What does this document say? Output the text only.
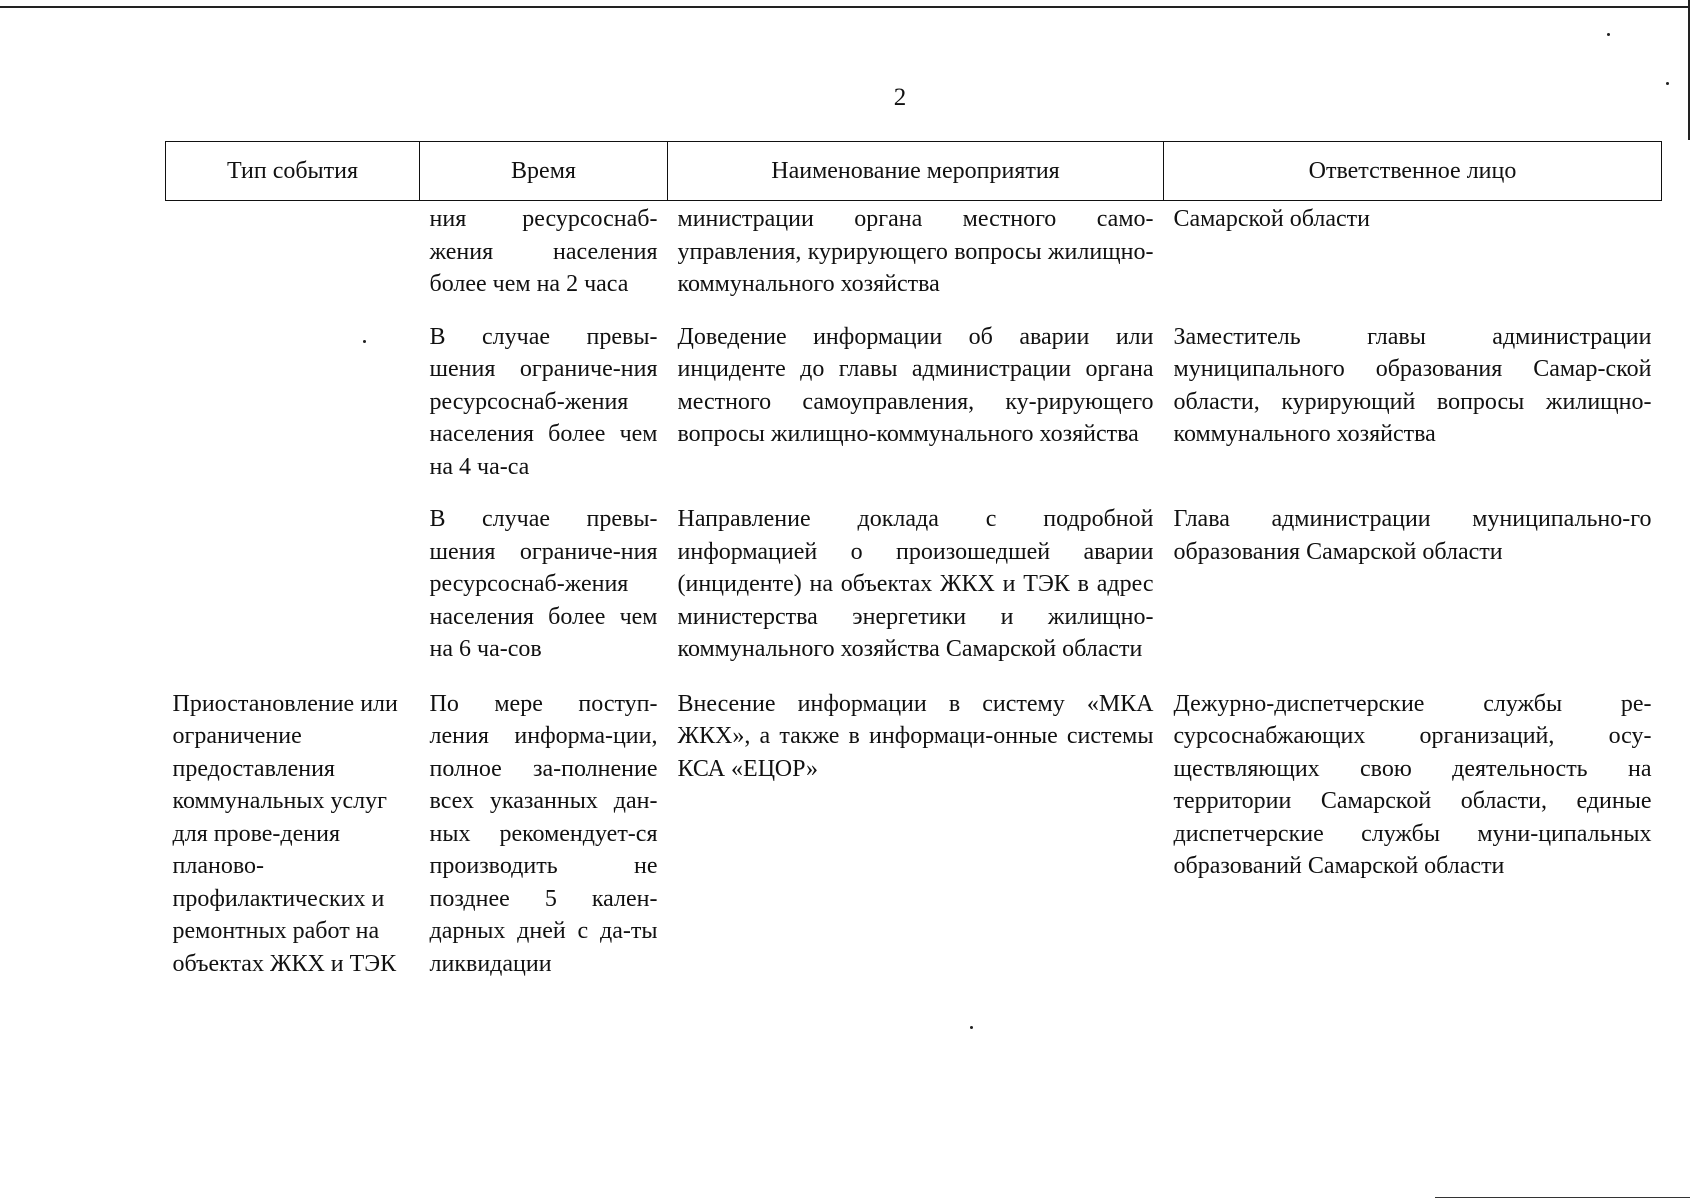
2
Тип события	Время	Наименование мероприятия	Ответственное лицо
	ния ресурсоснаб-жения населения более чем на 2 часа	министрации органа местного само-управления, курирующего вопросы жилищно-коммунального хозяйства	Самарской области
	В случае превы-шения ограниче-ния ресурсоснаб-жения населения более чем на 4 ча-са	Доведение информации об аварии или инциденте до главы администрации органа местного самоуправления, ку-рирующего вопросы жилищно-коммунального хозяйства	Заместитель главы администрации муниципального образования Самар-ской области, курирующий вопросы жилищно-коммунального хозяйства
	В случае превы-шения ограниче-ния ресурсоснаб-жения населения более чем на 6 ча-сов	Направление доклада с подробной информацией о произошедшей аварии (инциденте) на объектах ЖКХ и ТЭК в адрес министерства энергетики и жилищно-коммунального хозяйства Самарской области	Глава администрации муниципально-го образования Самарской области
Приостановление или ограничение предоставления коммунальных услуг для прове-дения планово-профилактических и ремонтных работ на объектах ЖКХ и ТЭК	По мере поступ-ления информа-ции, полное за-полнение всех указанных дан-ных рекомендует-ся производить не позднее 5 кален-дарных дней с да-ты ликвидации	Внесение информации в систему «МКА ЖКХ», а также в информаци-онные системы КСА «ЕЦОР»	Дежурно-диспетчерские службы ре-сурсоснабжающих организаций, осу-ществляющих свою деятельность на территории Самарской области, единые диспетчерские службы муни-ципальных образований Самарской области
